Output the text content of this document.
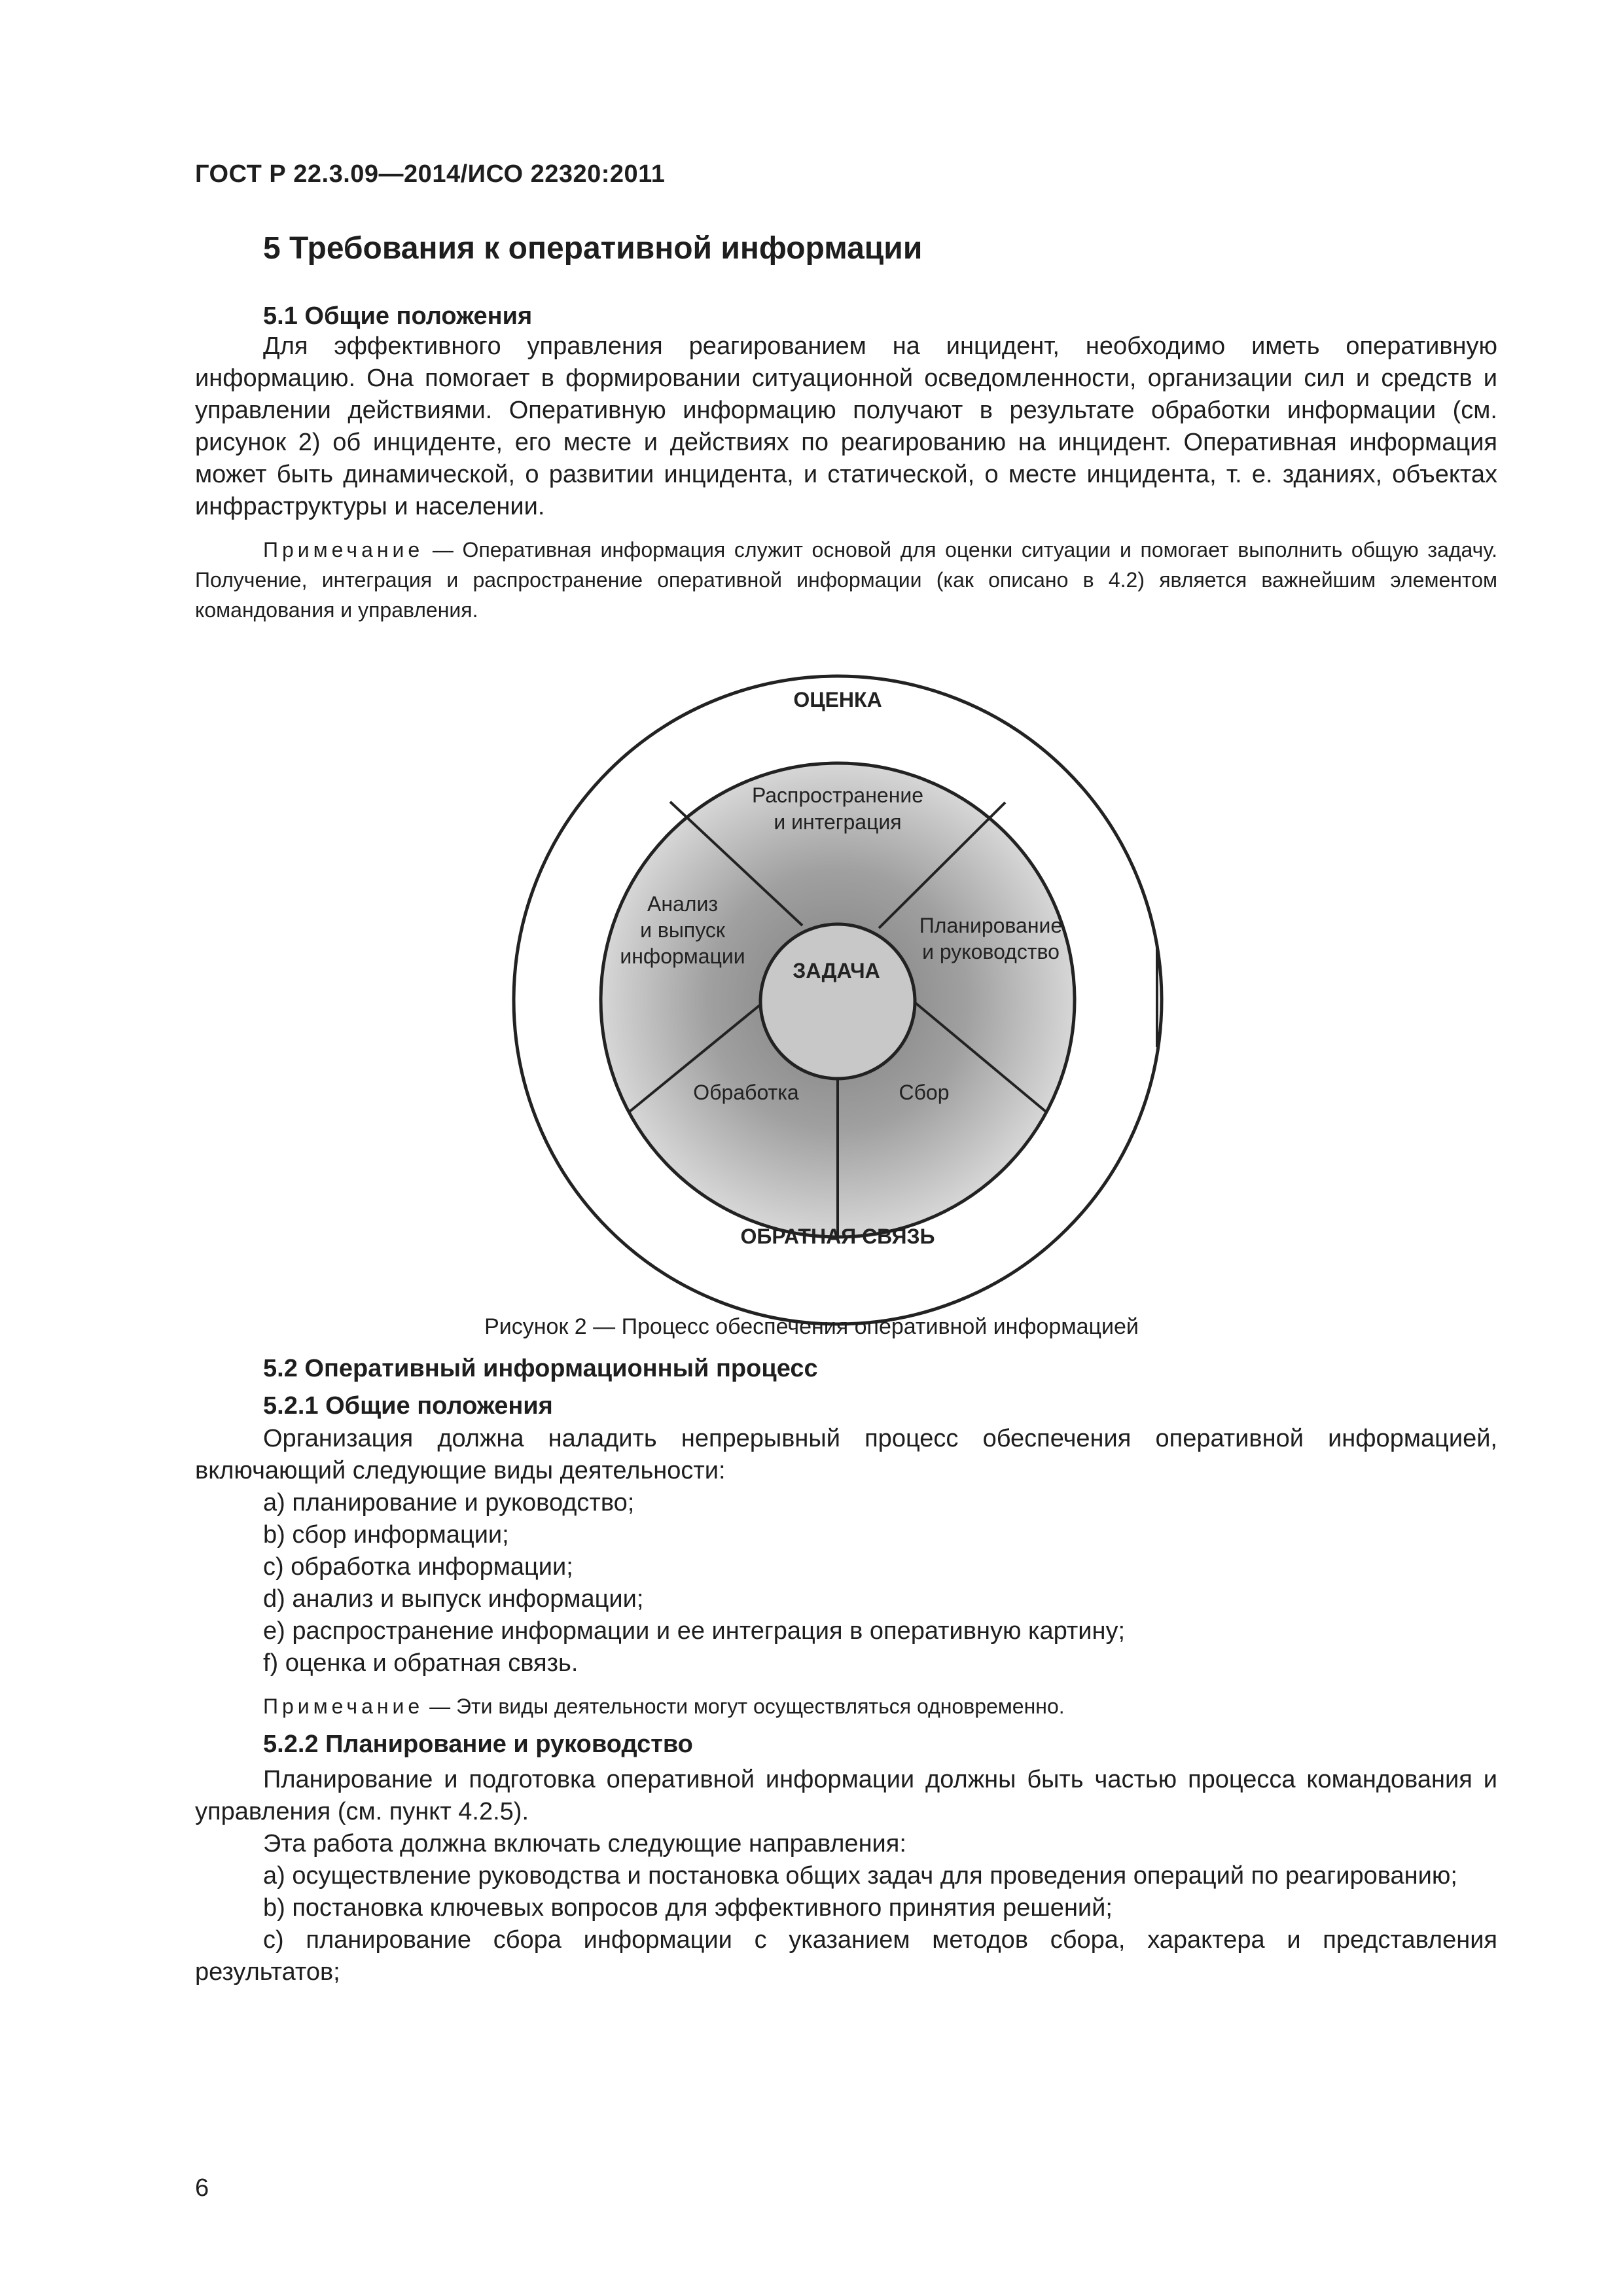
ГОСТ Р 22.3.09—2014/ИСО 22320:2011
5 Требования к оперативной информации

5.1 Общие положения

Для эффективного управления реагированием на инцидент, необходимо иметь оперативную информацию. Она помогает в формировании ситуационной осведомленности, организации сил и средств и управлении действиями. Оперативную информацию получают в результате обработки информации (см. рисунок 2) об инциденте, его месте и действиях по реагированию на инцидент. Оперативная информация может быть динамической, о развитии инцидента, и статической, о месте инцидента, т. е. зданиях, объектах инфраструктуры и населении.

Примечание — Оперативная информация служит основой для оценки ситуации и помогает выполнить общую задачу. Получение, интеграция и распространение оперативной информации (как описано в 4.2) является важнейшим элементом командования и управления.

ОЦЕНКА
ОБРАТНАЯ СВЯЗЬ
ЗАДАЧА
Распространение
и интеграция
Планирование
и руководство
Сбор
Обработка
Анализ
и выпуск
информации
Рисунок 2 — Процесс обеспечения оперативной информацией

5.2 Оперативный информационный процесс

5.2.1 Общие положения

Организация должна наладить непрерывный процесс обеспечения оперативной информацией, включающий следующие виды деятельности:

a) планирование и руководство;

b) сбор информации;

c) обработка информации;

d) анализ и выпуск информации;

e) распространение информации и ее интеграция в оперативную картину;

f) оценка и обратная связь.

Примечание — Эти виды деятельности могут осуществляться одновременно.

5.2.2 Планирование и руководство

Планирование и подготовка оперативной информации должны быть частью процесса командования и управления (см. пункт 4.2.5).

Эта работа должна включать следующие направления:

a) осуществление руководства и постановка общих задач для проведения операций по реагированию;

b) постановка ключевых вопросов для эффективного принятия решений;

c) планирование сбора информации с указанием методов сбора, характера и представления результатов;

6
